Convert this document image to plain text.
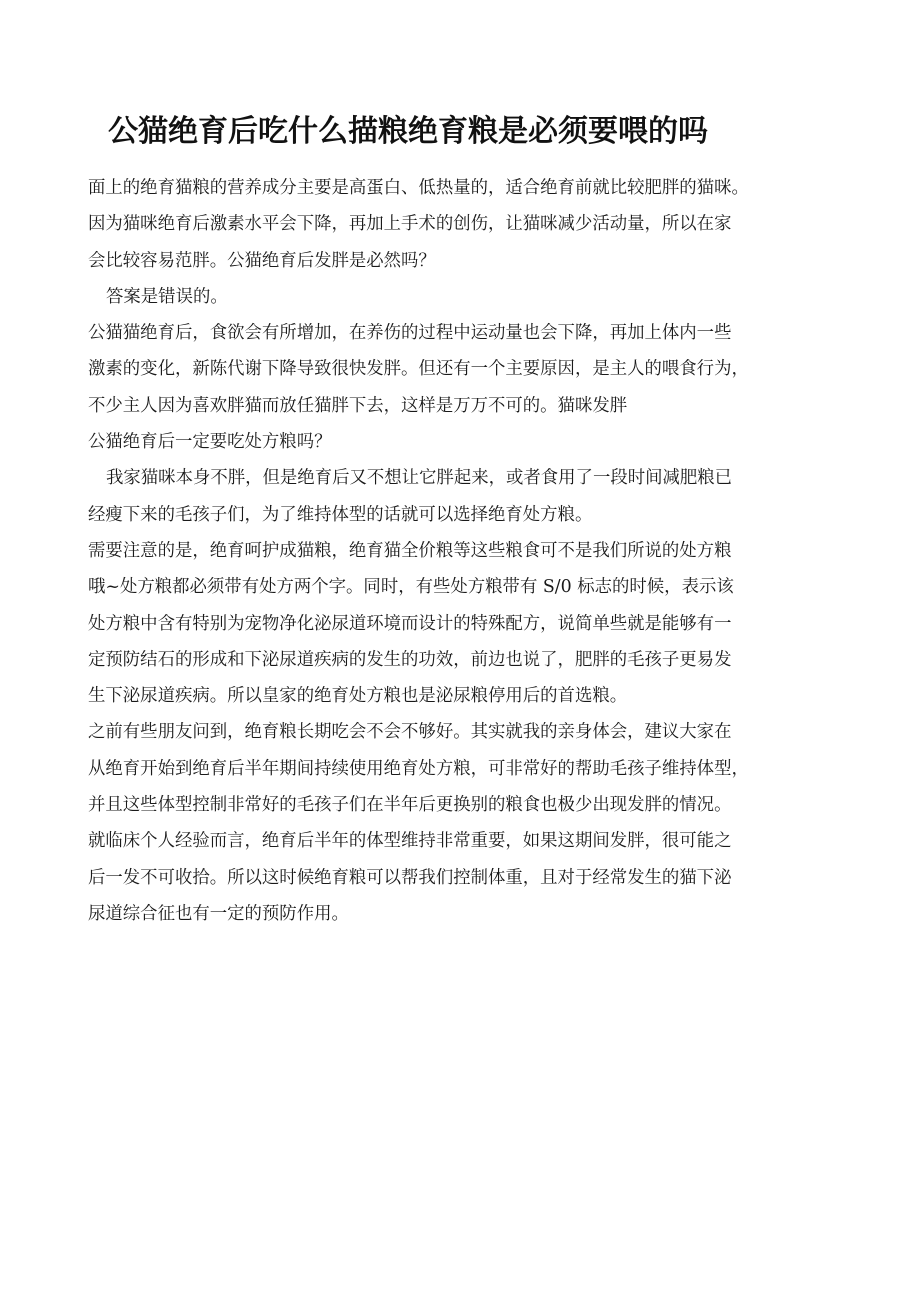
公猫绝育后吃什么描粮绝育粮是必须要喂的吗

面上的绝育猫粮的营养成分主要是高蛋白、低热量的，适合绝育前就比较肥胖的猫咪。

因为猫咪绝育后激素水平会下降，再加上手术的创伤，让猫咪减少活动量，所以在家

会比较容易范胖。公猫绝育后发胖是必然吗？

答案是错误的。

公猫猫绝育后，食欲会有所增加，在养伤的过程中运动量也会下降，再加上体内一些

激素的变化，新陈代谢下降导致很快发胖。但还有一个主要原因，是主人的喂食行为，

不少主人因为喜欢胖猫而放任猫胖下去，这样是万万不可的。猫咪发胖

公猫绝育后一定要吃处方粮吗？

我家猫咪本身不胖，但是绝育后又不想让它胖起来，或者食用了一段时间减肥粮已

经瘦下来的毛孩子们，为了维持体型的话就可以选择绝育处方粮。

需要注意的是，绝育呵护成猫粮，绝育猫全价粮等这些粮食可不是我们所说的处方粮

哦~处方粮都必须带有处方两个字。同时，有些处方粮带有 S/0 标志的时候，表示该

处方粮中含有特别为宠物净化泌尿道环境而设计的特殊配方，说简单些就是能够有一

定预防结石的形成和下泌尿道疾病的发生的功效，前边也说了，肥胖的毛孩子更易发

生下泌尿道疾病。所以皇家的绝育处方粮也是泌尿粮停用后的首选粮。

之前有些朋友问到，绝育粮长期吃会不会不够好。其实就我的亲身体会，建议大家在

从绝育开始到绝育后半年期间持续使用绝育处方粮，可非常好的帮助毛孩子维持体型，

并且这些体型控制非常好的毛孩子们在半年后更换别的粮食也极少出现发胖的情况。

就临床个人经验而言，绝育后半年的体型维持非常重要，如果这期间发胖，很可能之

后一发不可收拾。所以这时候绝育粮可以帮我们控制体重，且对于经常发生的猫下泌

尿道综合征也有一定的预防作用。
